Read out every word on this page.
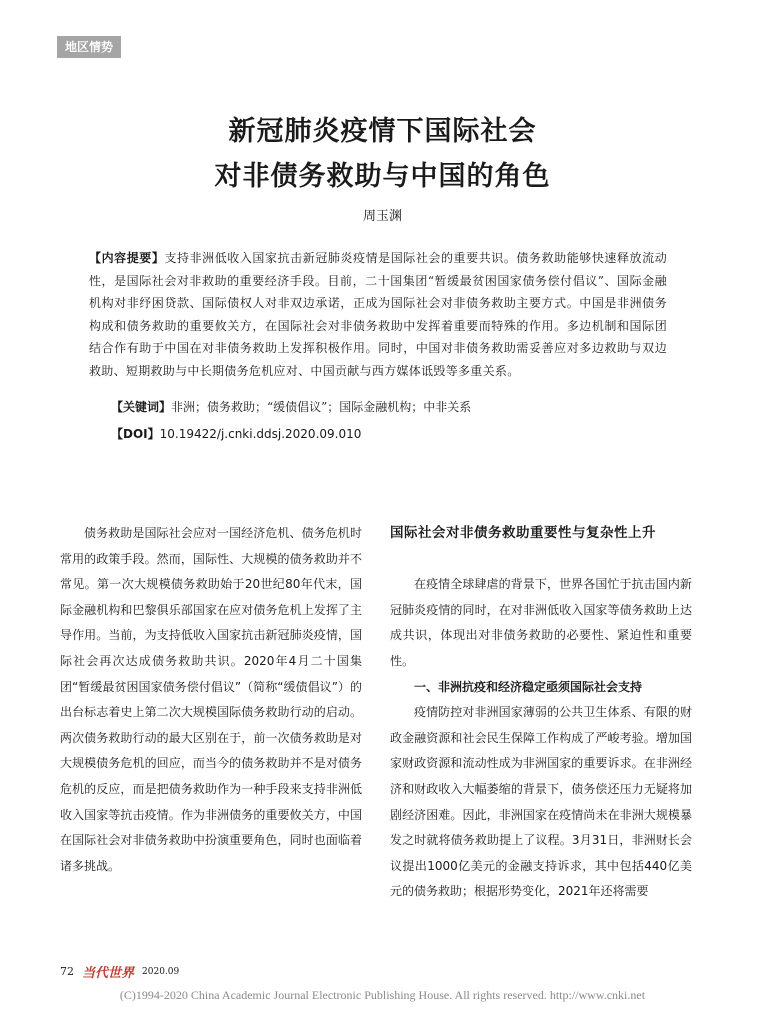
地区情势
新冠肺炎疫情下国际社会
对非债务救助与中国的角色
周玉渊
【内容提要】支持非洲低收入国家抗击新冠肺炎疫情是国际社会的重要共识。债务救助能够快速释放流动性，是国际社会对非救助的重要经济手段。目前，二十国集团“暂缓最贫困国家债务偿付倡议”、国际金融机构对非纾困贷款、国际债权人对非双边承诺，正成为国际社会对非债务救助主要方式。中国是非洲债务构成和债务救助的重要攸关方，在国际社会对非债务救助中发挥着重要而特殊的作用。多边机制和国际团结合作有助于中国在对非债务救助上发挥积极作用。同时，中国对非债务救助需妥善应对多边救助与双边救助、短期救助与中长期债务危机应对、中国贡献与西方媒体诋毁等多重关系。
【关键词】非洲；债务救助；“缓债倡议”；国际金融机构；中非关系
【DOI】10.19422/j.cnki.ddsj.2020.09.010

债务救助是国际社会应对一国经济危机、债务危机时常用的政策手段。然而，国际性、大规模的债务救助并不常见。第一次大规模债务救助始于20世纪80年代末，国际金融机构和巴黎俱乐部国家在应对债务危机上发挥了主导作用。当前，为支持低收入国家抗击新冠肺炎疫情，国际社会再次达成债务救助共识。2020年4月二十国集团“暂缓最贫困国家债务偿付倡议”（简称“缓债倡议”）的出台标志着史上第二次大规模国际债务救助行动的启动。两次债务救助行动的最大区别在于，前一次债务救助是对大规模债务危机的回应，而当今的债务救助并不是对债务危机的反应，而是把债务救助作为一种手段来支持非洲低收入国家等抗击疫情。作为非洲债务的重要攸关方，中国在国际社会对非债务救助中扮演重要角色，同时也面临着诸多挑战。

国际社会对非债务救助重要性与复杂性上升

在疫情全球肆虐的背景下，世界各国忙于抗击国内新冠肺炎疫情的同时，在对非洲低收入国家等债务救助上达成共识，体现出对非债务救助的必要性、紧迫性和重要性。

一、非洲抗疫和经济稳定亟须国际社会支持

疫情防控对非洲国家薄弱的公共卫生体系、有限的财政金融资源和社会民生保障工作构成了严峻考验。增加国家财政资源和流动性成为非洲国家的重要诉求。在非洲经济和财政收入大幅萎缩的背景下，债务偿还压力无疑将加剧经济困难。因此，非洲国家在疫情尚未在非洲大规模暴发之时就将债务救助提上了议程。3月31日，非洲财长会议提出1000亿美元的金融支持诉求，其中包括440亿美元的债务救助；根据形势变化，2021年还将需要

72 当代世界 2020.09
(C)1994-2020 China Academic Journal Electronic Publishing House. All rights reserved. http://www.cnki.net
